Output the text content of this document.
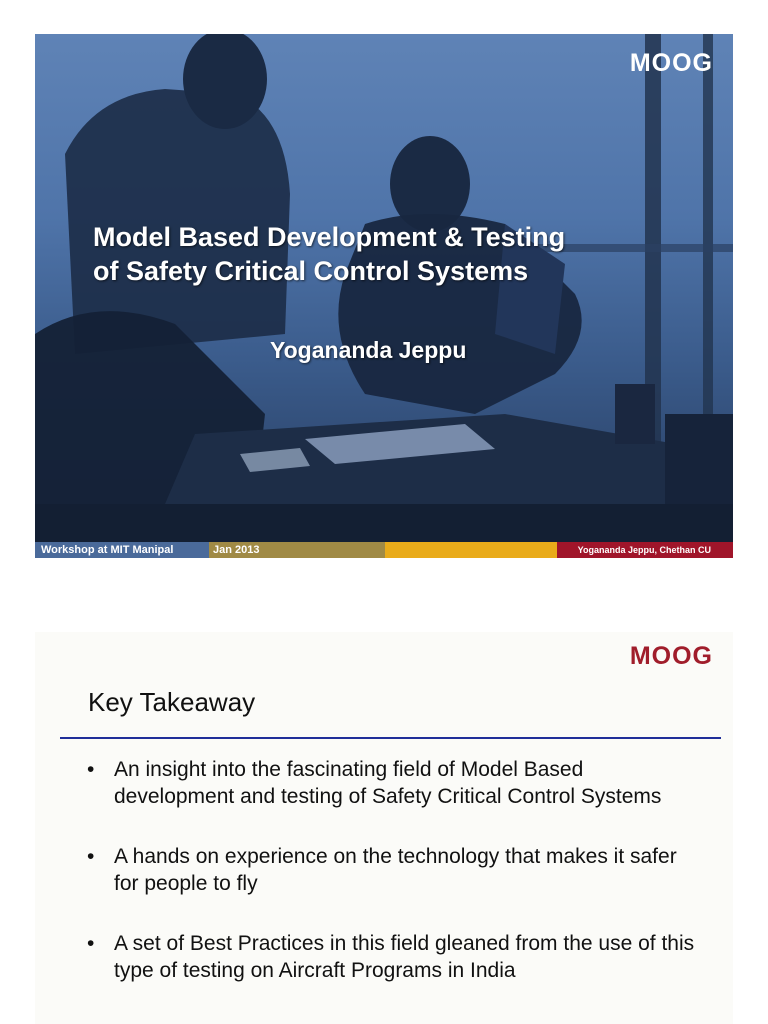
MOOG
Model Based Development & Testing
of Safety Critical Control Systems
Yogananda Jeppu
Workshop at MIT Manipal	Jan 2013	Yogananda Jeppu, Chethan CU
MOOG
Key Takeaway
• An insight into the fascinating field of Model Based development and testing of Safety Critical Control Systems
• A hands on experience on the technology that makes it safer for people to fly
• A set of Best Practices in this field gleaned from the use of this type of testing on Aircraft Programs in India
